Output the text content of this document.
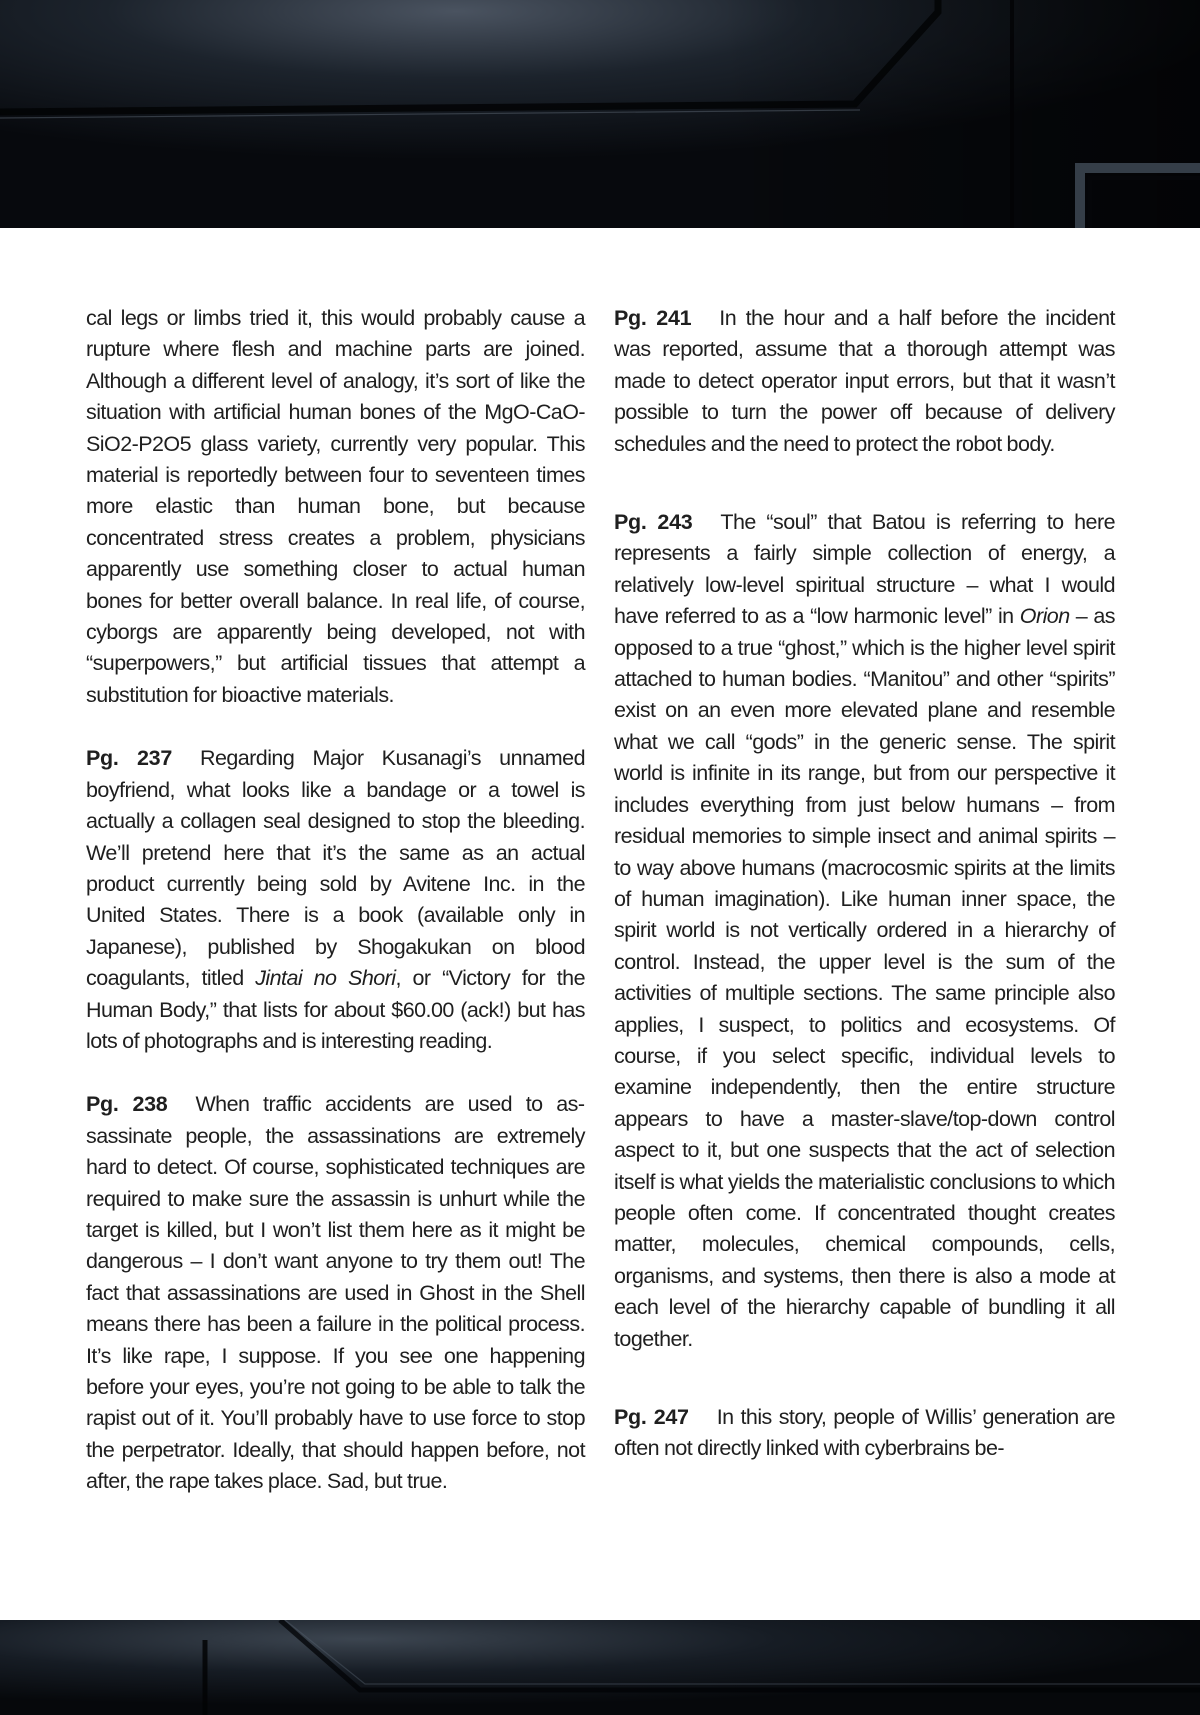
cal legs or limbs tried it, this would probably cause a rupture where flesh and machine parts are joined. Although a different level of analogy, it’s sort of like the situation with artificial human bones of the MgO-CaO-SiO2-P2O5 glass variety, currently very popular. This material is reportedly between four to seventeen times more elastic than human bone, but because concentrated stress creates a problem, physicians apparently use something closer to actual human bones for better overall balance. In real life, of course, cyborgs are apparently being developed, not with “superpowers,” but artificial tissues that attempt a substitution for bioactive materials.

Pg. 237 Regarding Major Kusanagi’s unnamed boyfriend, what looks like a bandage or a towel is actually a collagen seal designed to stop the bleeding. We’ll pretend here that it’s the same as an actual product currently being sold by Avitene Inc. in the United States. There is a book (available only in Japanese), published by Shogakukan on blood coagulants, titled Jintai no Shori, or “Victory for the Human Body,” that lists for about $60.00 (ack!) but has lots of photographs and is interesting reading.

Pg. 238 When traffic accidents are used to assassinate people, the assassinations are extremely hard to detect. Of course, sophisticated techniques are required to make sure the assassin is unhurt while the target is killed, but I won’t list them here as it might be dangerous – I don’t want anyone to try them out! The fact that assassinations are used in Ghost in the Shell means there has been a failure in the political process. It’s like rape, I suppose. If you see one happening before your eyes, you’re not going to be able to talk the rapist out of it. You’ll probably have to use force to stop the perpetrator. Ideally, that should happen before, not after, the rape takes place. Sad, but true.

Pg. 241 In the hour and a half before the incident was reported, assume that a thorough attempt was made to detect operator input errors, but that it wasn’t possible to turn the power off because of delivery schedules and the need to protect the robot body.

Pg. 243 The “soul” that Batou is referring to here represents a fairly simple collection of energy, a relatively low-level spiritual structure – what I would have referred to as a “low harmonic level” in Orion – as opposed to a true “ghost,” which is the higher level spirit attached to human bodies. “Manitou” and other “spirits” exist on an even more elevated plane and resemble what we call “gods” in the generic sense. The spirit world is infinite in its range, but from our perspective it includes everything from just below humans – from residual memories to simple insect and animal spirits – to way above humans (macrocosmic spirits at the limits of human imagination). Like human inner space, the spirit world is not vertically ordered in a hierarchy of control. Instead, the upper level is the sum of the activities of multiple sections. The same principle also applies, I suspect, to politics and ecosystems. Of course, if you select specific, individual levels to examine independently, then the entire structure appears to have a master-slave/top-down control aspect to it, but one suspects that the act of selection itself is what yields the materialistic conclusions to which people often come. If concentrated thought creates matter, molecules, chemical compounds, cells, organisms, and systems, then there is also a mode at each level of the hierarchy capable of bundling it all together.

Pg. 247 In this story, people of Willis’ generation are often not directly linked with cyberbrains be-
